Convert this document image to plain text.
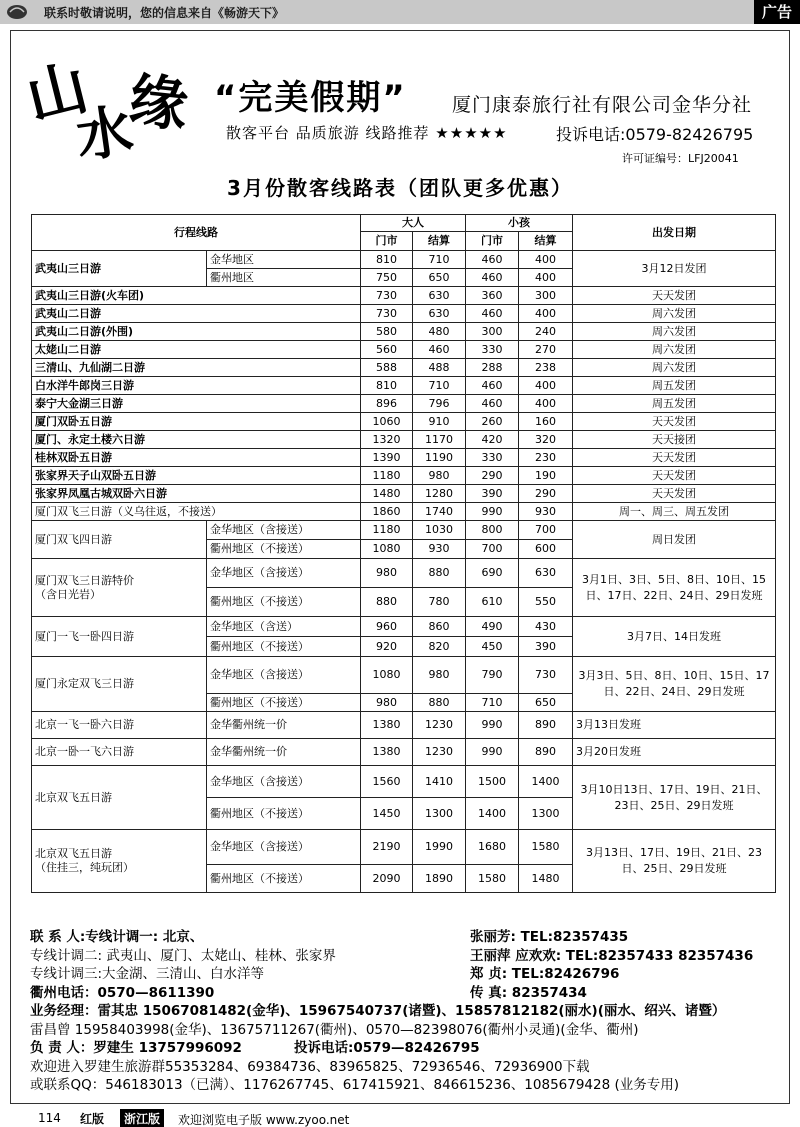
联系时敬请说明，您的信息来自《畅游天下》	广告
山
水
缘 “完美假期” 厦门康泰旅行社有限公司金华分社
散客平台 品质旅游 线路推荐 ★★★★★	投诉电话:0579-82426795
许可证编号：LFJ20041
3月份散客线路表（团队更多优惠）
行程线路		大人		小孩		出发日期
		门市	结算	门市	结算	
武夷山三日游	金华地区	810	710	460	400	3月12日发团
	衢州地区	750	650	460	400	
武夷山三日游(火车团)		730	630	360	300	天天发团
武夷山二日游		730	630	460	400	周六发团
武夷山二日游(外围)		580	480	300	240	周六发团
太姥山二日游		560	460	330	270	周六发团
三清山、九仙湖二日游		588	488	288	238	周六发团
白水洋牛郎岗三日游		810	710	460	400	周五发团
泰宁大金湖三日游		896	796	460	400	周五发团
厦门双卧五日游		1060	910	260	160	天天发团
厦门、永定土楼六日游		1320	1170	420	320	天天接团
桂林双卧五日游		1390	1190	330	230	天天发团
张家界天子山双卧五日游		1180	980	290	190	天天发团
张家界凤凰古城双卧六日游		1480	1280	390	290	天天发团
厦门双飞三日游（义乌往返，不接送）		1860	1740	990	930	周一、周三、周五发团
厦门双飞四日游	金华地区（含接送）	1180	1030	800	700	周日发团
	衢州地区（不接送）	1080	930	700	600	
厦门双飞三日游特价
（含日光岩）	金华地区（含接送）	980	880	690	630	3月1日、3日、5日、8日、10日、15日、17日、22日、24日、29日发班
	衢州地区（不接送）	880	780	610	550	
厦门一飞一卧四日游	金华地区（含送）	960	860	490	430	3月7日、14日发班
	衢州地区（不接送）	920	820	450	390	
厦门永定双飞三日游	金华地区（含接送）	1080	980	790	730	3月3日、5日、8日、10日、15日、17日、22日、24日、29日发班
	衢州地区（不接送）	980	880	710	650	
北京一飞一卧六日游	金华衢州统一价	1380	1230	990	890	3月13日发班
北京一卧一飞六日游	金华衢州统一价	1380	1230	990	890	3月20日发班
北京双飞五日游	金华地区（含接送）	1560	1410	1500	1400	3月10日13日、17日、19日、21日、23日、25日、29日发班
	衢州地区（不接送）	1450	1300	1400	1300	
北京双飞五日游
（住挂三，纯玩团）	金华地区（含接送）	2190	1990	1680	1580	3月13日、17日、19日、21日、23日、25日、29日发班
	衢州地区（不接送）	2090	1890	1580	1480	
联 系 人:专线计调一: 北京、	张丽芳: TEL:82357435
专线计调二: 武夷山、厦门、太姥山、桂林、张家界	王丽萍 应欢欢: TEL:82357433 82357436
专线计调三:大金湖、三清山、白水洋等	郑 贞: TEL:82426796
衢州电话：0570—8611390	传 真: 82357434
业务经理：雷其忠 15067081482(金华)、15967540737(诸暨)、15857812182(丽水)(丽水、绍兴、诸暨）
雷昌曾 15958403998(金华)、13675711267(衢州)、0570—82398076(衢州小灵通)(金华、衢州)
负 责 人：罗建生 13757996092	投诉电话:0579—82426795
欢迎进入罗建生旅游群55353284、69384736、83965825、72936546、72936900下载
或联系QQ：546183013（已满）、1176267745、617415921、846615236、1085679428 (业务专用)
114 红版	浙江版	欢迎浏览电子版 www.zyoo.net
